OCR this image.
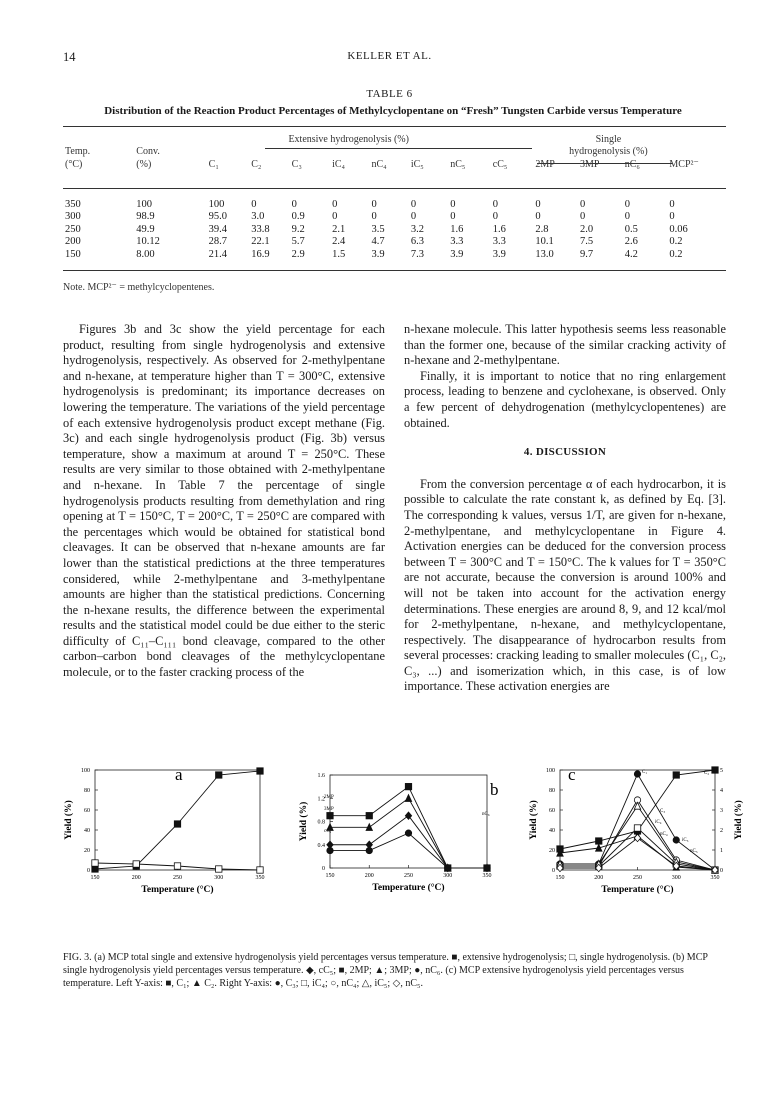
14	KELLER ET AL.
TABLE 6
Distribution of the Reaction Product Percentages of Methylcyclopentane on “Fresh” Tungsten Carbide versus Temperature
		Extensive hydrogenolysis (%)							Single				
Temp.	Conv.								hydrogenolysis (%)				
(°C)	(%)	C₁	C₂	C₃	iC₄	nC₄	iC₅	nC₅	cC₅	2MP	3MP	nC₆	MCP²⁻
350	100	100	0	0	0	0	0	0	0	0	0	0	0
300	98.9	95.0	3.0	0.9	0	0	0	0	0	0	0	0	0
250	49.9	39.4	33.8	9.2	2.1	3.5	3.2	1.6	1.6	2.8	2.0	0.5	0.06
200	10.12	28.7	22.1	5.7	2.4	4.7	6.3	3.3	3.3	10.1	7.5	2.6	0.2
150	8.00	21.4	16.9	2.9	1.5	3.9	7.3	3.9	3.9	13.0	9.7	4.2	0.2
Note. MCP²⁻ = methylcyclopentenes.

Figures 3b and 3c show the yield percentage for each product, resulting from single hydrogenolysis and extensive hydrogenolysis, respectively. As observed for 2-methylpentane and n-hexane, at temperature higher than T = 300°C, extensive hydrogenolysis is predominant; its importance decreases on lowering the temperature. The variations of the yield percentage of each extensive hydrogenolysis product except methane (Fig. 3c) and each single hydrogenolysis product (Fig. 3b) versus temperature, show a maximum at around T = 250°C. These results are very similar to those obtained with 2-methylpentane and n-hexane. In Table 7 the percentage of single hydrogenolysis products resulting from demethylation and ring opening at T = 150°C, T = 200°C, T = 250°C are compared with the percentages which would be obtained for statistical bond cleavages. It can be observed that n-hexane amounts are far lower than the statistical predictions at the three temperatures considered, while 2-methylpentane and 3-methylpentane amounts are higher than the statistical predictions. Concerning the n-hexane results, the difference between the experimental results and the statistical model could be due either to the steric difficulty of C₁₁–C₁₁₁ bond cleavage, compared to the other carbon–carbon bond cleavages of the methylcyclopentane molecule, or to the faster cracking process of the

n-hexane molecule. This latter hypothesis seems less reasonable than the former one, because of the similar cracking activity of n-hexane and 2-methylpentane.

Finally, it is important to notice that no ring enlargement process, leading to benzene and cyclohexane, is observed. Only a few percent of dehydrogenation (methylcyclopentenes) are obtained.

4. DISCUSSION

From the conversion percentage α of each hydrocarbon, it is possible to calculate the rate constant k, as defined by Eq. [3]. The corresponding k values, versus 1/T, are given for n-hexane, 2-methylpentane, and methylcyclopentane in Figure 4. Activation energies can be deduced for the conversion process between T = 300°C and T = 150°C. The k values for T = 350°C are not accurate, because the conversion is around 100% and will not be taken into account for the activation energy determinations. These energies are around 8, 9, and 12 kcal/mol for 2-methylpentane, n-hexane, and methylcyclopentane, respectively. The disappearance of hydrocarbon results from several processes: cracking leading to smaller molecules (C₁, C₂, C₃, ...) and isomerization which, in this case, is of low importance. These activation energies are

150	200	250	300	350
0
20
40
60
80
100
Temperature (°C)
Yield (%)
a
150	200	250	300	350
0
0.4
0.8
1.2
1.6
Temperature (°C)
Yield (%)
b
2MP
3MP
cC₅
nC₆
150	200	250	300	350
0
20
40
60
80
100
0
1
2
3
4
5
Yield (%)
Temperature (°C)
Yield (%)
c	C₁	C₂
C₃
iC₄
nC₄
iC₅
nC₅
FIG. 3. (a) MCP total single and extensive hydrogenolysis yield percentages versus temperature. ■, extensive hydrogenolysis; □, single hydrogenolysis. (b) MCP single hydrogenolysis yield percentages versus temperature. ◆, cC₅; ■, 2MP; ▲; 3MP; ●, nC₆. (c) MCP extensive hydrogenolysis yield percentages versus temperature. Left Y-axis: ■, C₁; ▲ C₂. Right Y-axis: ●, C₃; □, iC₄; ○, nC₄; △, iC₅; ◇, nC₅.
